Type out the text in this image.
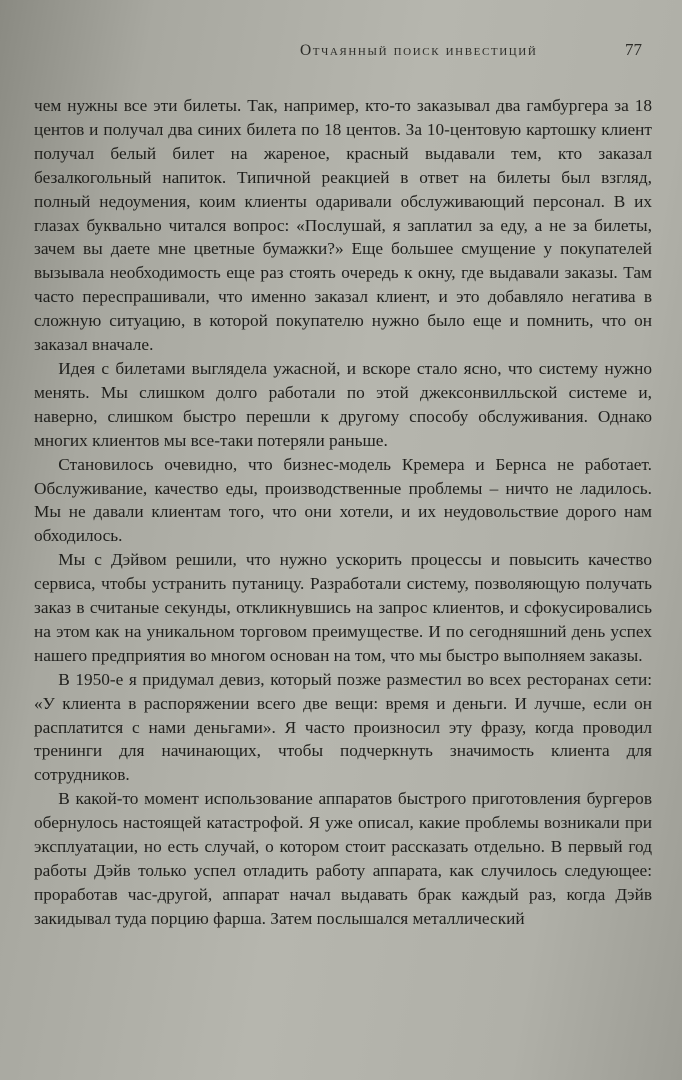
Отчаянный поиск инвестиций	77

чем нужны все эти билеты. Так, например, кто-то заказывал два гамбургера за 18 центов и получал два синих билета по 18 центов. За 10-центовую картошку клиент получал белый билет на жареное, красный выдавали тем, кто заказал безалкогольный напиток. Типичной реакцией в ответ на билеты был взгляд, полный недоумения, коим клиенты одаривали обслуживающий персонал. В их глазах буквально читался вопрос: «Послушай, я заплатил за еду, а не за билеты, зачем вы даете мне цветные бумажки?» Еще большее смущение у покупателей вызывала необходимость еще раз стоять очередь к окну, где выдавали заказы. Там часто переспрашивали, что именно заказал клиент, и это добавляло негатива в сложную ситуацию, в которой покупателю нужно было еще и помнить, что он заказал вначале.

Идея с билетами выглядела ужасной, и вскоре стало ясно, что систему нужно менять. Мы слишком долго работали по этой джексонвилльской системе и, наверно, слишком быстро перешли к другому способу обслуживания. Однако многих клиентов мы все-таки потеряли раньше.

Становилось очевидно, что бизнес-модель Кремера и Бернса не работает. Обслуживание, качество еды, производственные проблемы – ничто не ладилось. Мы не давали клиентам того, что они хотели, и их неудовольствие дорого нам обходилось.

Мы с Дэйвом решили, что нужно ускорить процессы и повысить качество сервиса, чтобы устранить путаницу. Разработали систему, позволяющую получать заказ в считаные секунды, откликнувшись на запрос клиентов, и сфокусировались на этом как на уникальном торговом преимуществе. И по сегодняшний день успех нашего предприятия во многом основан на том, что мы быстро выполняем заказы.

В 1950-е я придумал девиз, который позже разместил во всех ресторанах сети: «У клиента в распоряжении всего две вещи: время и деньги. И лучше, если он расплатится с нами деньгами». Я часто произносил эту фразу, когда проводил тренинги для начинающих, чтобы подчеркнуть значимость клиента для сотрудников.

В какой-то момент использование аппаратов быстрого приготовления бургеров обернулось настоящей катастрофой. Я уже описал, какие проблемы возникали при эксплуатации, но есть случай, о котором стоит рассказать отдельно. В первый год работы Дэйв только успел отладить работу аппарата, как случилось следующее: проработав час-другой, аппарат начал выдавать брак каждый раз, когда Дэйв закидывал туда порцию фарша. Затем послышался металлический
